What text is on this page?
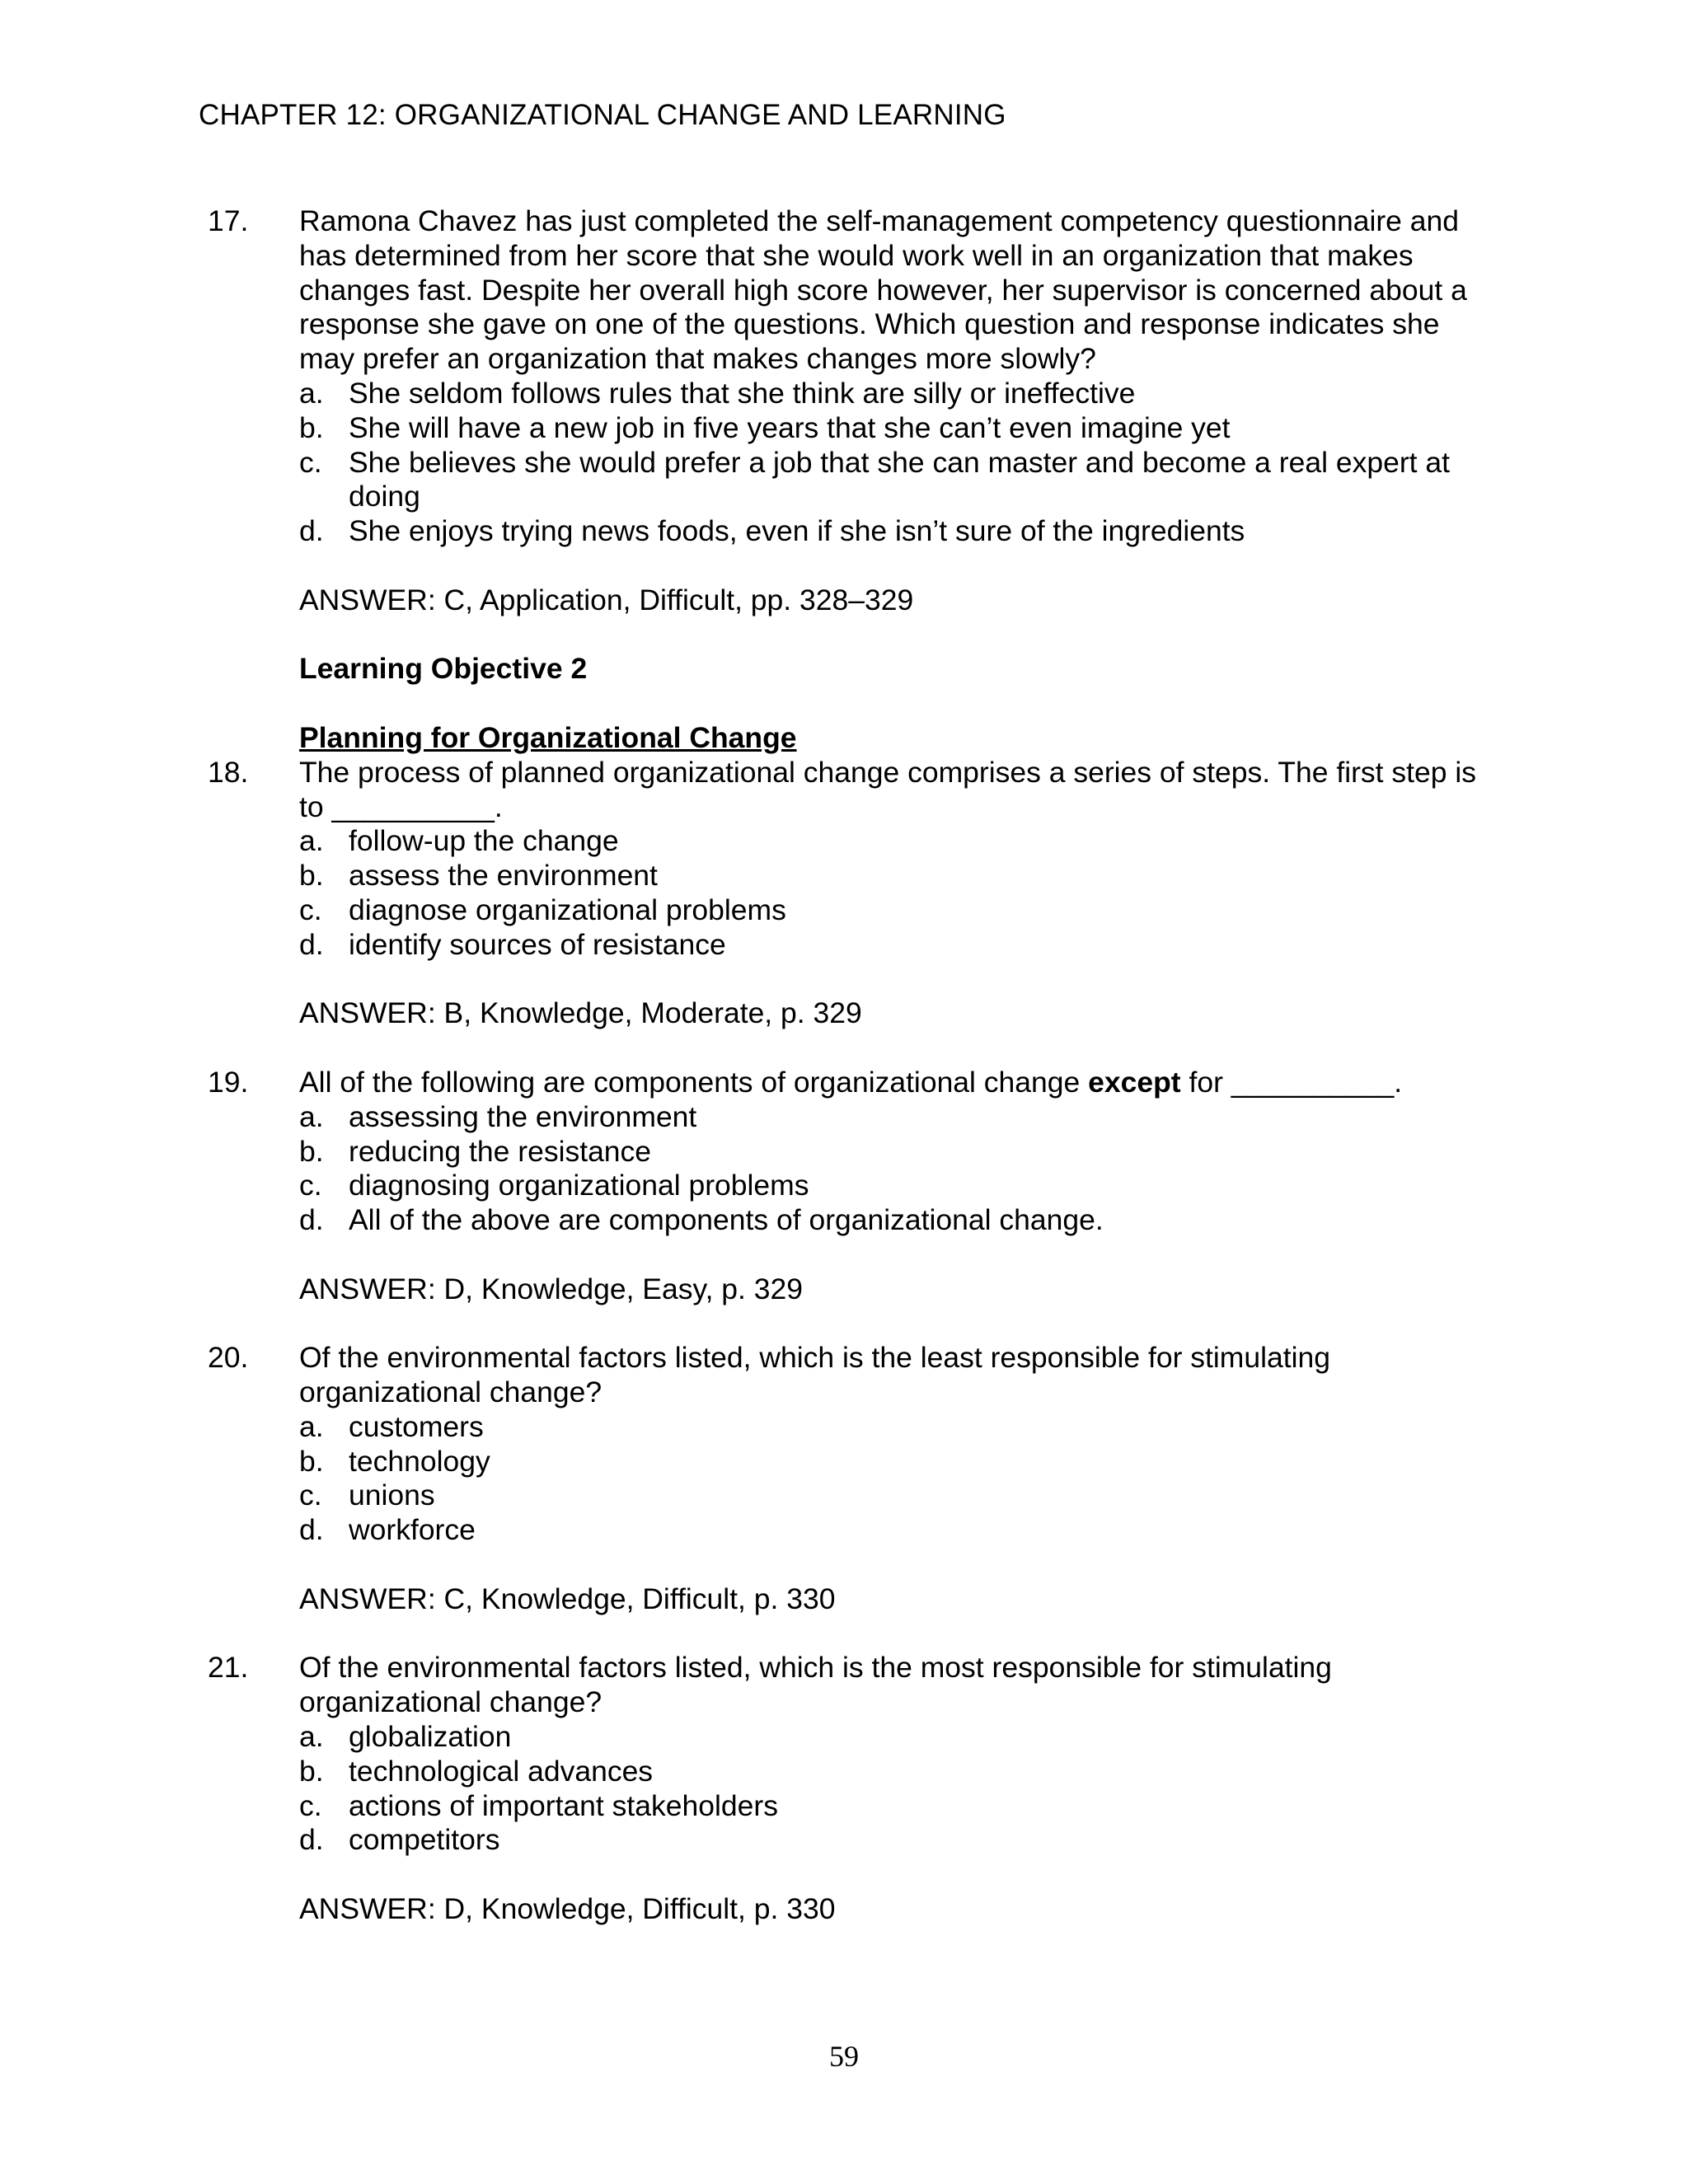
CHAPTER 12: ORGANIZATIONAL CHANGE AND LEARNING
17. Ramona Chavez has just completed the self-management competency questionnaire and has determined from her score that she would work well in an organization that makes changes fast. Despite her overall high score however, her supervisor is concerned about a response she gave on one of the questions. Which question and response indicates she may prefer an organization that makes changes more slowly?
a. She seldom follows rules that she think are silly or ineffective
b. She will have a new job in five years that she can’t even imagine yet
c. She believes she would prefer a job that she can master and become a real expert at doing
d. She enjoys trying news foods, even if she isn’t sure of the ingredients
ANSWER: C, Application, Difficult, pp. 328–329
Learning Objective 2
Planning for Organizational Change
18. The process of planned organizational change comprises a series of steps. The first step is to __________.
a. follow-up the change
b. assess the environment
c. diagnose organizational problems
d. identify sources of resistance
ANSWER: B, Knowledge, Moderate, p. 329
19. All of the following are components of organizational change except for __________.
a. assessing the environment
b. reducing the resistance
c. diagnosing organizational problems
d. All of the above are components of organizational change.
ANSWER: D, Knowledge, Easy, p. 329
20. Of the environmental factors listed, which is the least responsible for stimulating organizational change?
a. customers
b. technology
c. unions
d. workforce
ANSWER: C, Knowledge, Difficult, p. 330
21. Of the environmental factors listed, which is the most responsible for stimulating organizational change?
a. globalization
b. technological advances
c. actions of important stakeholders
d. competitors
ANSWER: D, Knowledge, Difficult, p. 330
59
